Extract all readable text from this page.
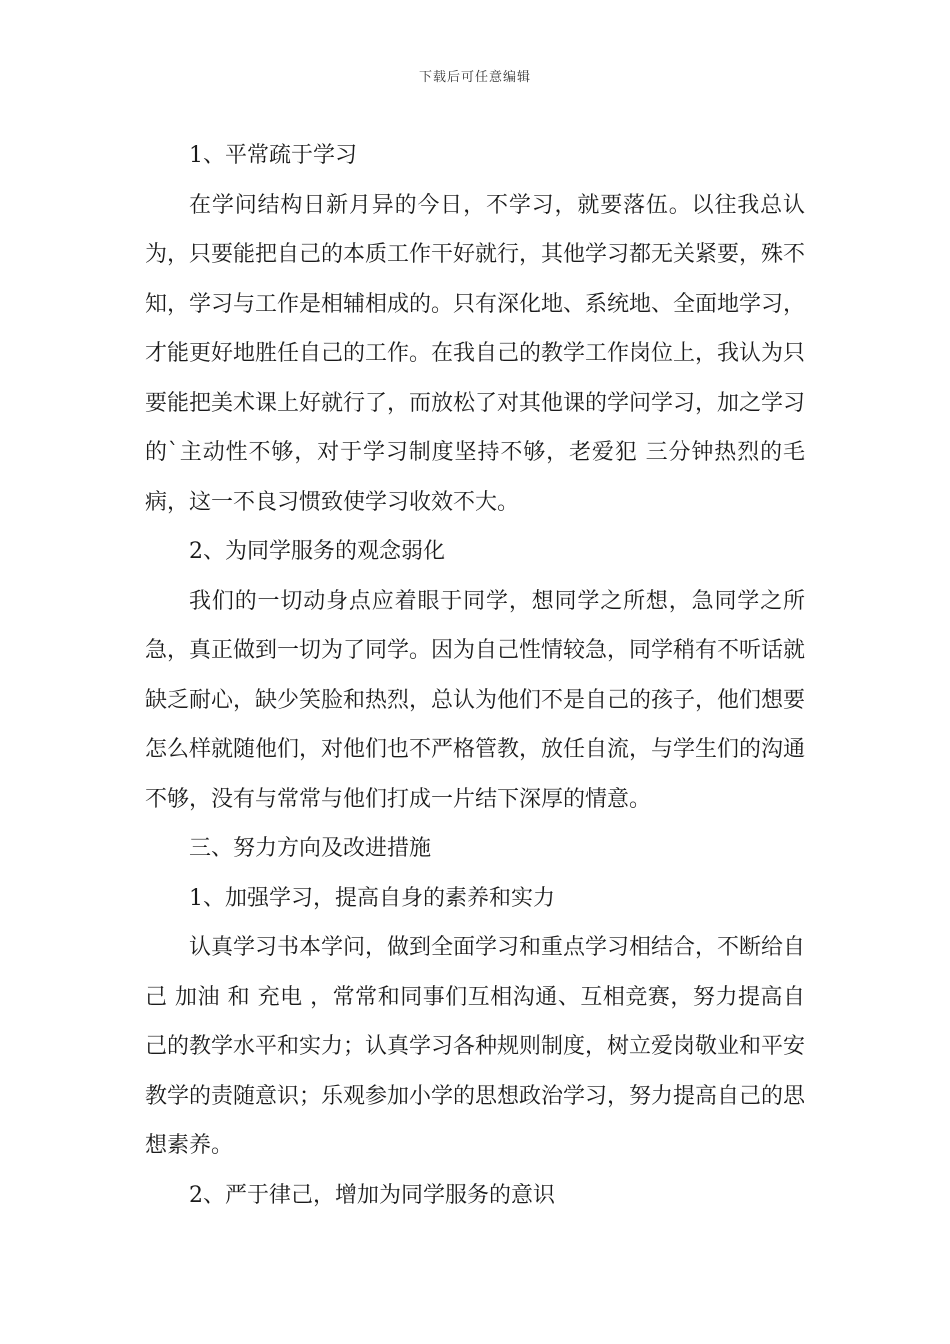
下载后可任意编辑

1、平常疏于学习

在学问结构日新月异的今日，不学习，就要落伍。以往我总认为，只要能把自己的本质工作干好就行，其他学习都无关紧要，殊不知，学习与工作是相辅相成的。只有深化地、系统地、全面地学习，才能更好地胜任自己的工作。在我自己的教学工作岗位上，我认为只要能把美术课上好就行了，而放松了对其他课的学问学习，加之学习的`主动性不够，对于学习制度坚持不够，老爱犯 三分钟热烈的毛病，这一不良习惯致使学习收效不大。

2、为同学服务的观念弱化

我们的一切动身点应着眼于同学，想同学之所想，急同学之所急，真正做到一切为了同学。因为自己性情较急，同学稍有不听话就缺乏耐心，缺少笑脸和热烈，总认为他们不是自己的孩子，他们想要怎么样就随他们，对他们也不严格管教，放任自流，与学生们的沟通不够，没有与常常与他们打成一片结下深厚的情意。

三、努力方向及改进措施

1、加强学习，提高自身的素养和实力

认真学习书本学问，做到全面学习和重点学习相结合，不断给自己 加油 和 充电 ，常常和同事们互相沟通、互相竞赛，努力提高自己的教学水平和实力；认真学习各种规则制度，树立爱岗敬业和平安教学的责随意识；乐观参加小学的思想政治学习，努力提高自己的思想素养。

2、严于律己，增加为同学服务的意识
